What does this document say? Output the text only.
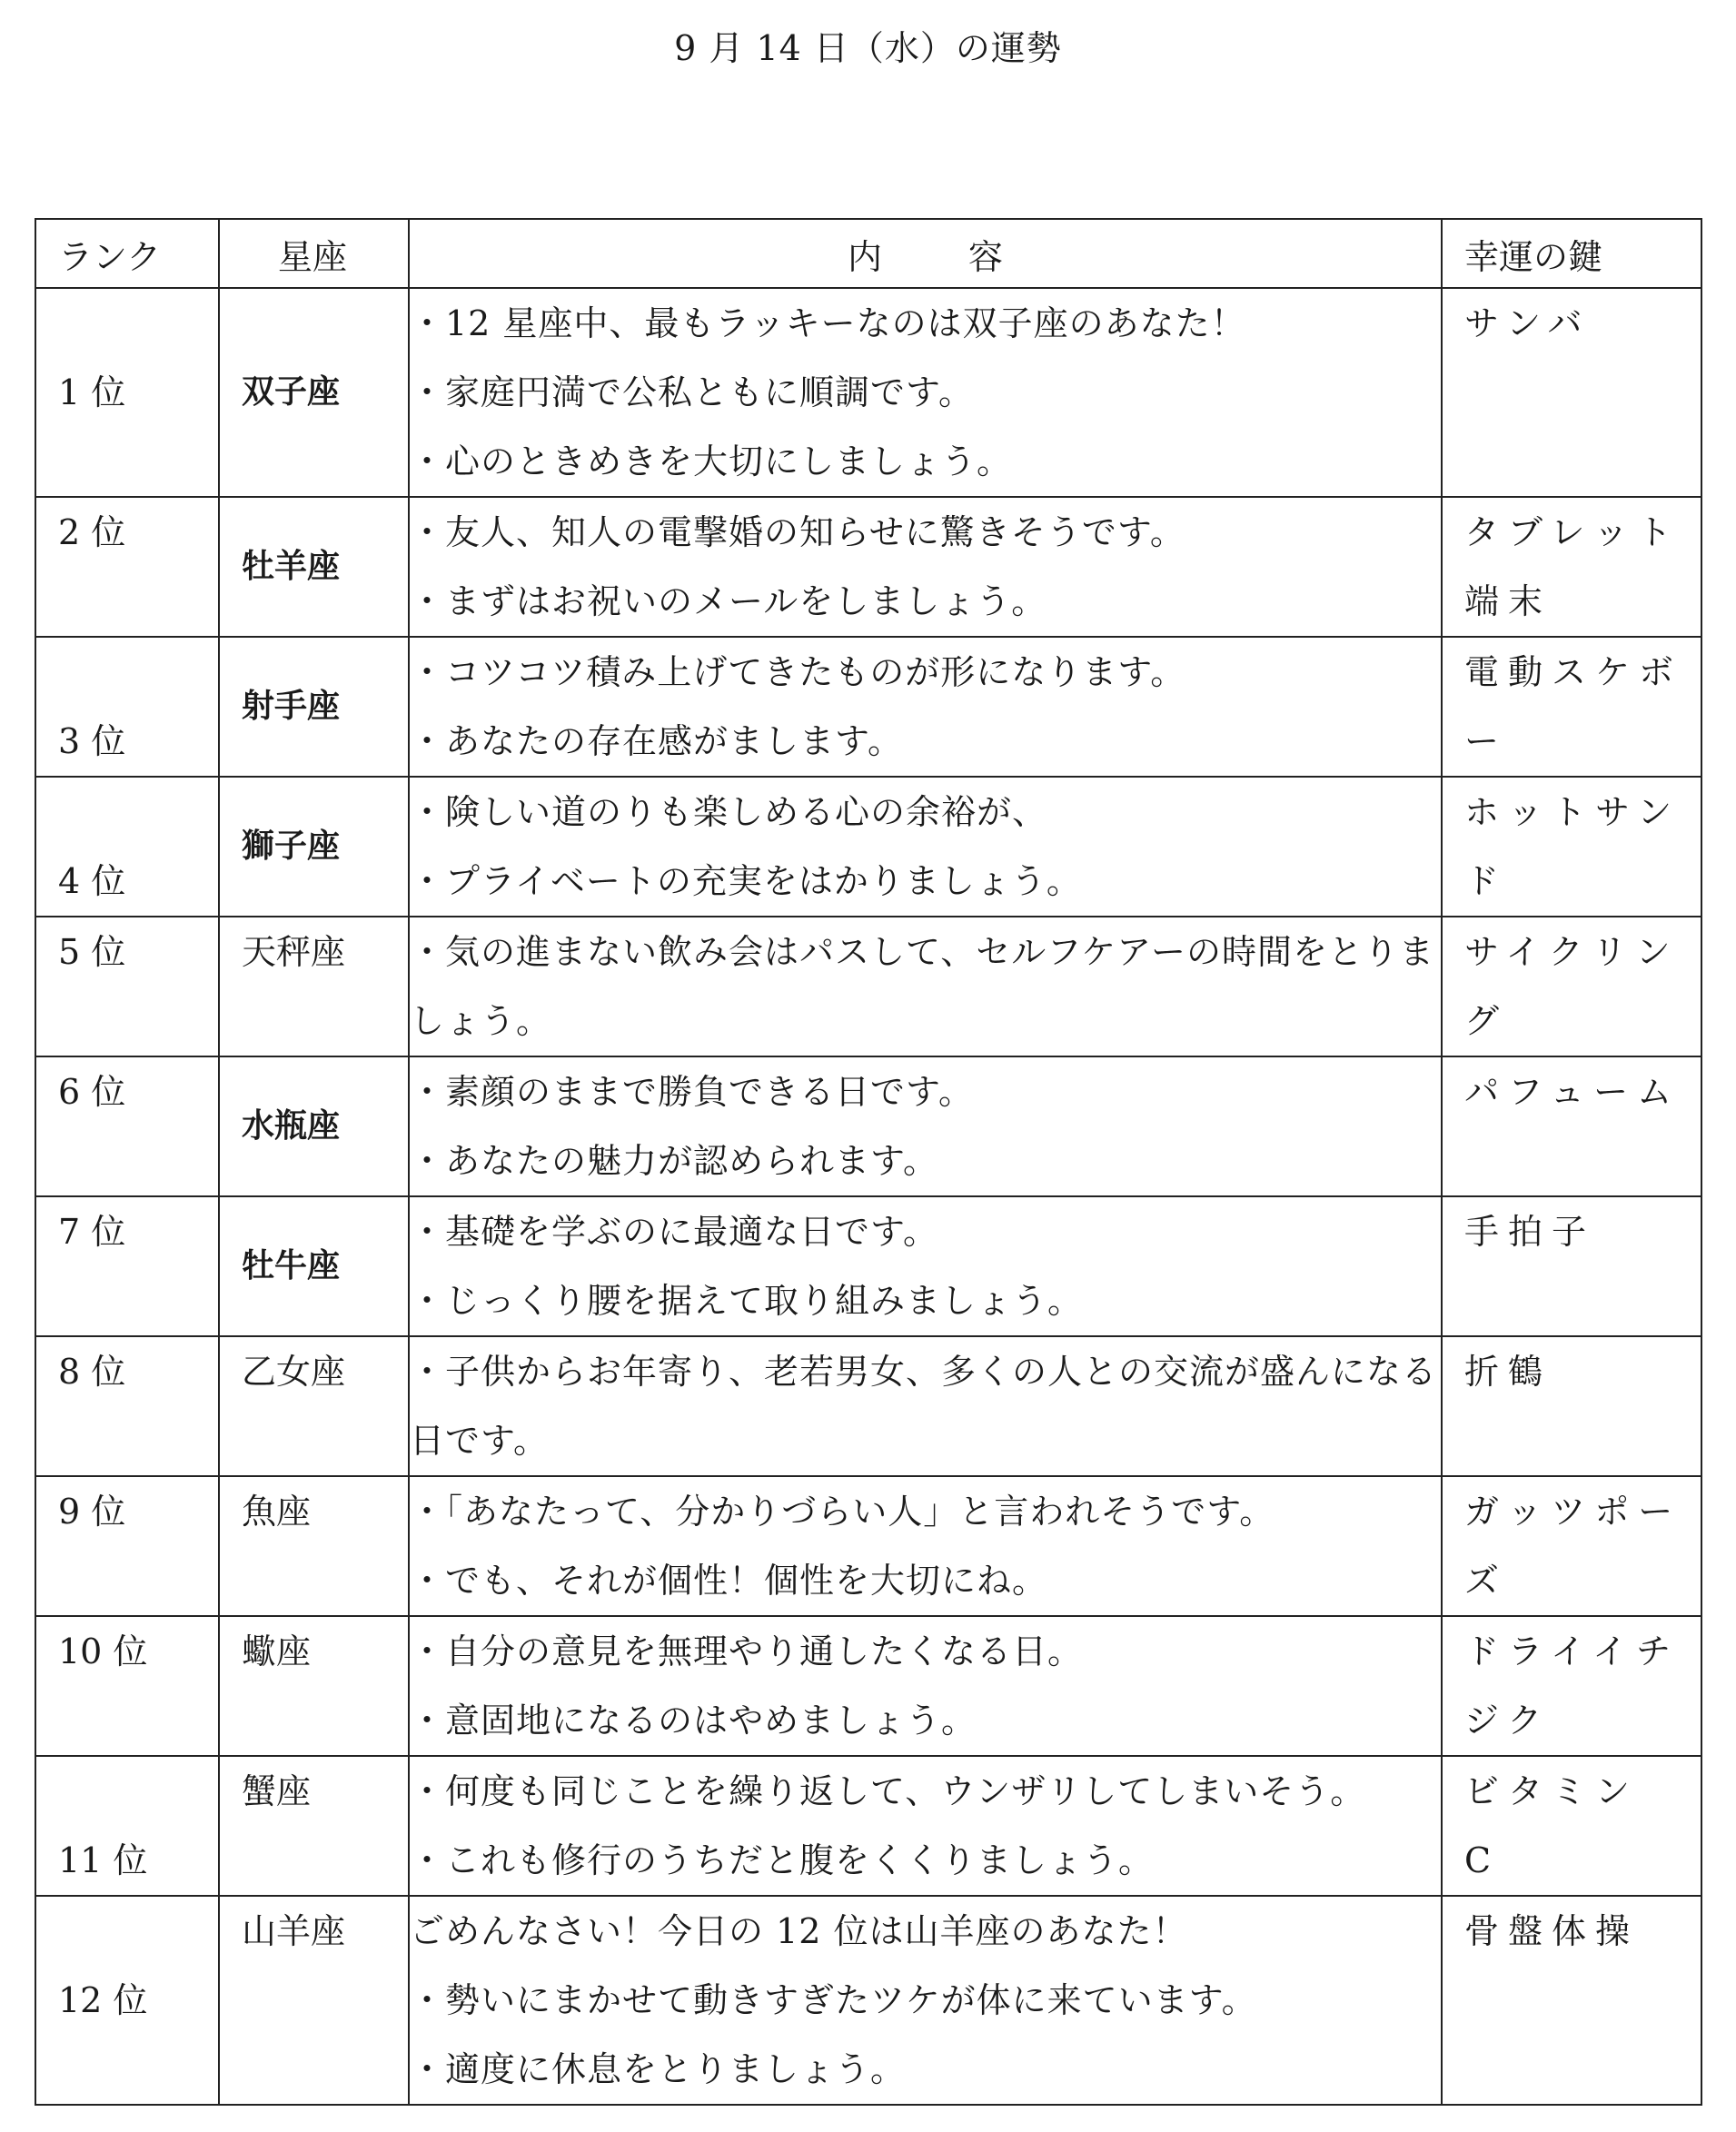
9 月 14 日（水）の運勢
ランク	星座	内容	幸運の鍵

1 位	双子座	・12 星座中、最もラッキーなのは双子座のあなた！
・家庭円満で公私ともに順調です。
・心のときめきを大切にしましょう。	サンバ

2 位	牡羊座	・友人、知人の電撃婚の知らせに驚きそうです。
・まずはお祝いのメールをしましょう。	タブレット端末

3 位	射手座	・コツコツ積み上げてきたものが形になります。
・あなたの存在感がまします。	電動スケボー

4 位	獅子座	・険しい道のりも楽しめる心の余裕が、
・プライベートの充実をはかりましょう。	ホットサンド

5 位	天秤座	・気の進まない飲み会はパスして、セルフケアーの時間をとりましょう。	サイクリング

6 位	水瓶座	・素顔のままで勝負できる日です。
・あなたの魅力が認められます。	パフューム

7 位	牡牛座	・基礎を学ぶのに最適な日です。
・じっくり腰を据えて取り組みましょう。	手拍子

8 位	乙女座	・子供からお年寄り、老若男女、多くの人との交流が盛んになる日です。	折鶴

9 位	魚座	・「あなたって、分かりづらい人」と言われそうです。
・でも、それが個性！個性を大切にね。	ガッツポーズ

10 位	蠍座	・自分の意見を無理やり通したくなる日。
・意固地になるのはやめましょう。	ドライイチジク

11 位	蟹座	・何度も同じことを繰り返して、ウンザリしてしまいそう。
・これも修行のうちだと腹をくくりましょう。	ビタミン C

12 位	山羊座	ごめんなさい！今日の 12 位は山羊座のあなた！
・勢いにまかせて動きすぎたツケが体に来ています。
・適度に休息をとりましょう。	骨盤体操
